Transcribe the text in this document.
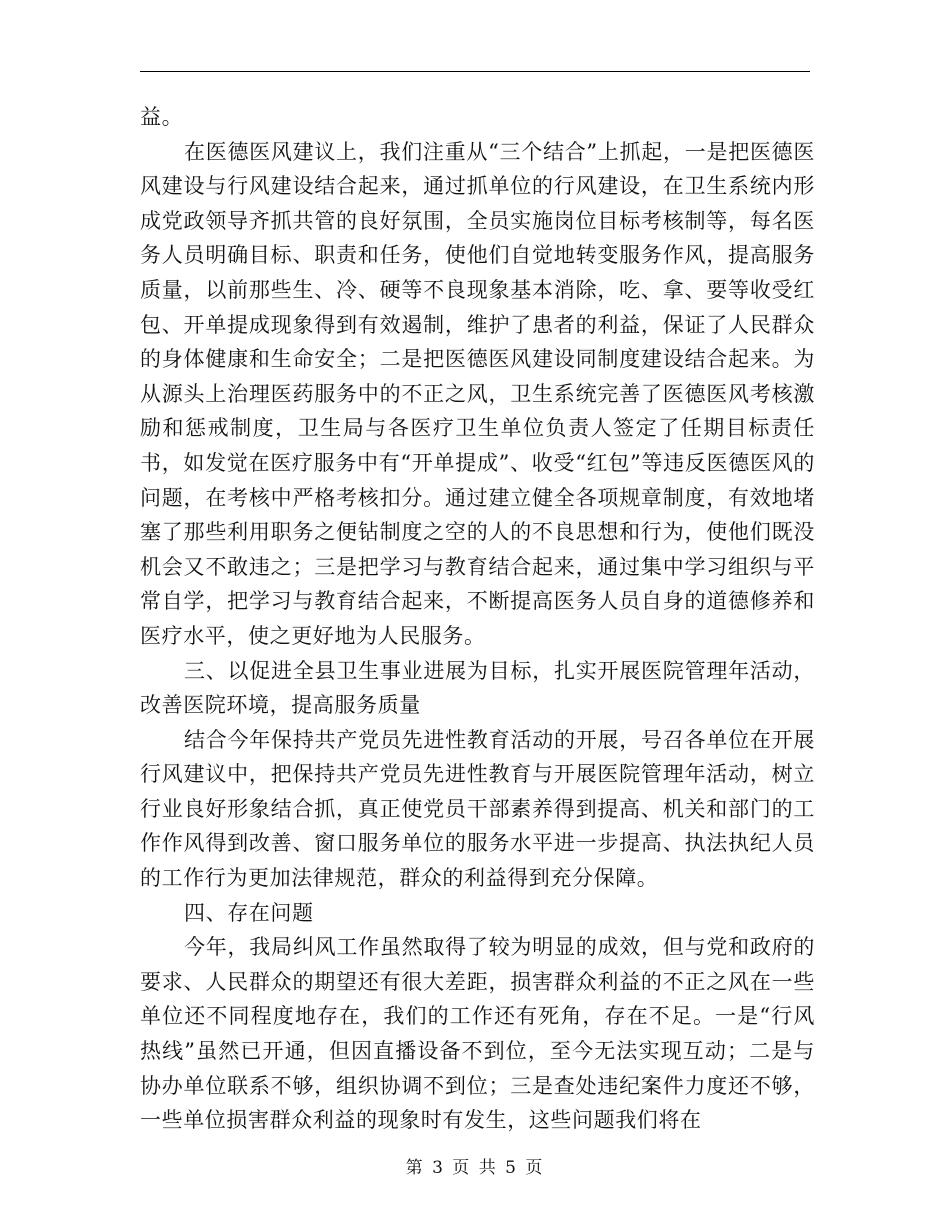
益。

在医德医风建议上，我们注重从“三个结合”上抓起，一是把医德医风建设与行风建设结合起来，通过抓单位的行风建设，在卫生系统内形成党政领导齐抓共管的良好氛围，全员实施岗位目标考核制等，每名医务人员明确目标、职责和任务，使他们自觉地转变服务作风，提高服务质量，以前那些生、冷、硬等不良现象基本消除，吃、拿、要等收受红包、开单提成现象得到有效遏制，维护了患者的利益，保证了人民群众的身体健康和生命安全；二是把医德医风建设同制度建设结合起来。为从源头上治理医药服务中的不正之风，卫生系统完善了医德医风考核激励和惩戒制度，卫生局与各医疗卫生单位负责人签定了任期目标责任书，如发觉在医疗服务中有“开单提成”、收受“红包”等违反医德医风的问题，在考核中严格考核扣分。通过建立健全各项规章制度，有效地堵塞了那些利用职务之便钻制度之空的人的不良思想和行为，使他们既没机会又不敢违之；三是把学习与教育结合起来，通过集中学习组织与平常自学，把学习与教育结合起来，不断提高医务人员自身的道德修养和医疗水平，使之更好地为人民服务。

三、以促进全县卫生事业进展为目标，扎实开展医院管理年活动，改善医院环境，提高服务质量

结合今年保持共产党员先进性教育活动的开展，号召各单位在开展行风建议中，把保持共产党员先进性教育与开展医院管理年活动，树立行业良好形象结合抓，真正使党员干部素养得到提高、机关和部门的工作作风得到改善、窗口服务单位的服务水平进一步提高、执法执纪人员的工作行为更加法律规范，群众的利益得到充分保障。

四、存在问题

今年，我局纠风工作虽然取得了较为明显的成效，但与党和政府的要求、人民群众的期望还有很大差距，损害群众利益的不正之风在一些单位还不同程度地存在，我们的工作还有死角，存在不足。一是“行风热线”虽然已开通，但因直播设备不到位，至今无法实现互动；二是与协办单位联系不够，组织协调不到位；三是查处违纪案件力度还不够，一些单位损害群众利益的现象时有发生，这些问题我们将在

第 3 页 共 5 页
